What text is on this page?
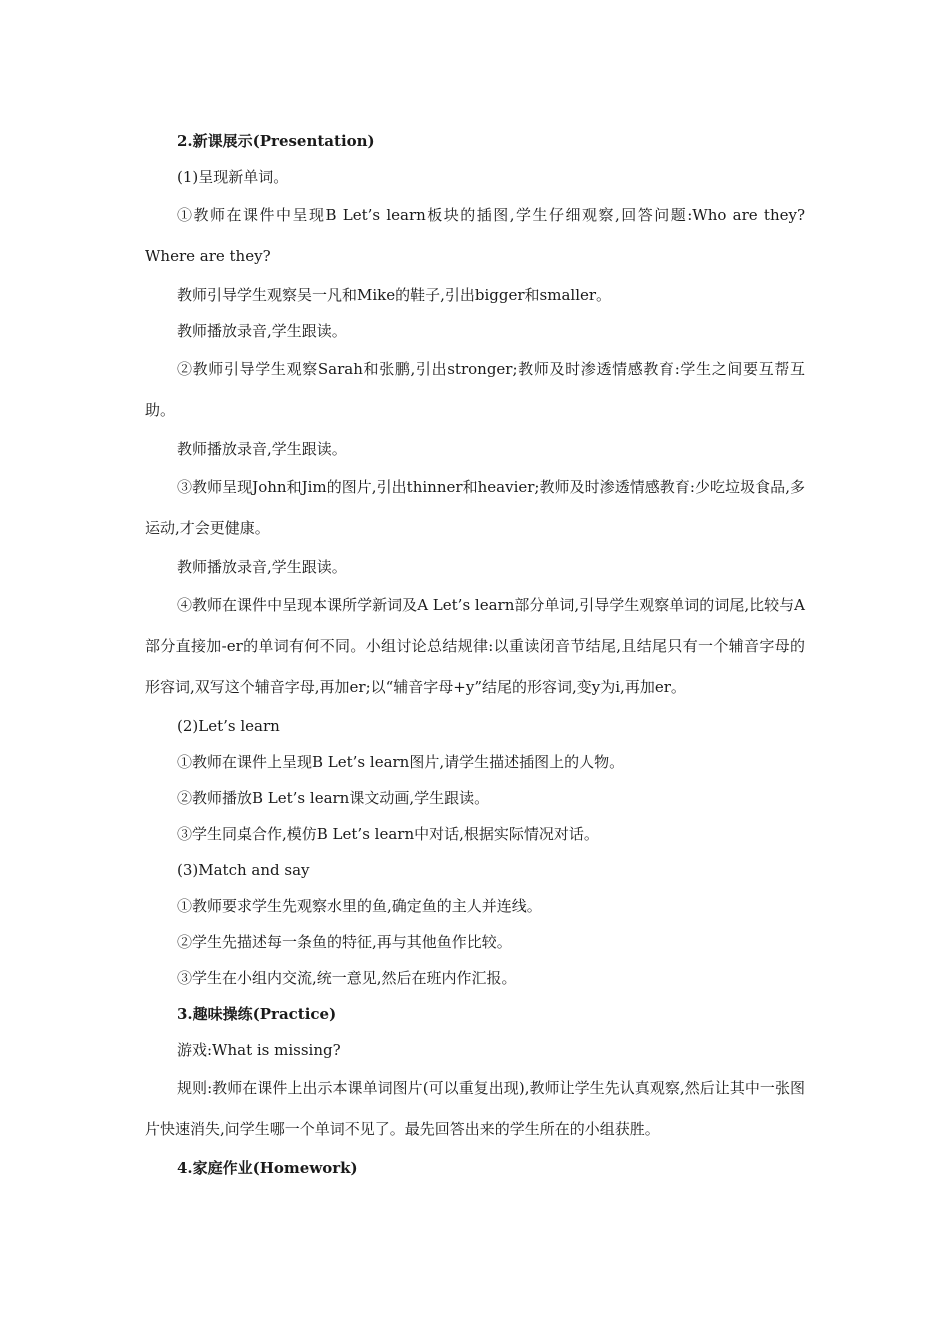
2.新课展示(Presentation)

(1)呈现新单词。

①教师在课件中呈现B Let’s learn板块的插图,学生仔细观察,回答问题:Who are they?Where are they?

教师引导学生观察吴一凡和Mike的鞋子,引出bigger和smaller。

教师播放录音,学生跟读。

②教师引导学生观察Sarah和张鹏,引出stronger;教师及时渗透情感教育:学生之间要互帮互助。

教师播放录音,学生跟读。

③教师呈现John和Jim的图片,引出thinner和heavier;教师及时渗透情感教育:少吃垃圾食品,多运动,才会更健康。

教师播放录音,学生跟读。

④教师在课件中呈现本课所学新词及A Let’s learn部分单词,引导学生观察单词的词尾,比较与A部分直接加-er的单词有何不同。小组讨论总结规律:以重读闭音节结尾,且结尾只有一个辅音字母的形容词,双写这个辅音字母,再加er;以“辅音字母+y”结尾的形容词,变y为i,再加er。

(2)Let’s learn

①教师在课件上呈现B Let’s learn图片,请学生描述插图上的人物。

②教师播放B Let’s learn课文动画,学生跟读。

③学生同桌合作,模仿B Let’s learn中对话,根据实际情况对话。

(3)Match and say

①教师要求学生先观察水里的鱼,确定鱼的主人并连线。

②学生先描述每一条鱼的特征,再与其他鱼作比较。

③学生在小组内交流,统一意见,然后在班内作汇报。

3.趣味操练(Practice)

游戏:What is missing?

规则:教师在课件上出示本课单词图片(可以重复出现),教师让学生先认真观察,然后让其中一张图片快速消失,问学生哪一个单词不见了。最先回答出来的学生所在的小组获胜。

4.家庭作业(Homework)
